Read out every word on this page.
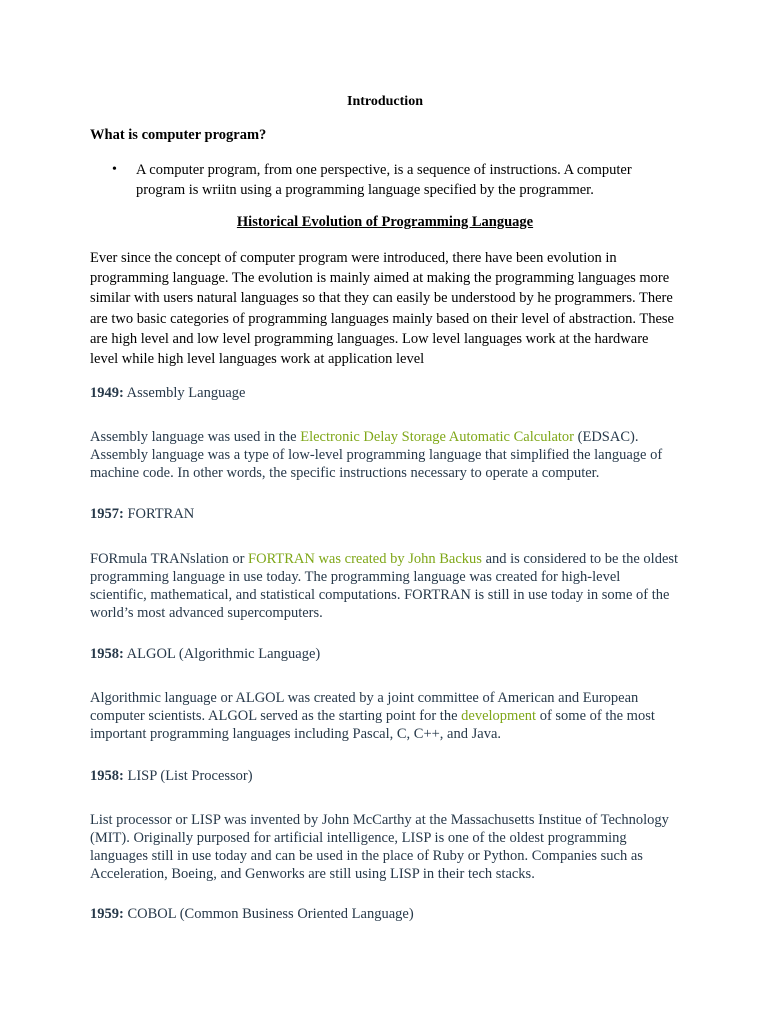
Introduction
What is computer program?
• A computer program, from one perspective, is a sequence of instructions. A computer program is wriitn using a programming language specified by the programmer.
Historical Evolution of Programming Language
Ever since the concept of computer program were introduced, there have been evolution in programming language. The evolution is mainly aimed at making the programming languages more similar with users natural languages so that they can easily be understood by he programmers. There are two basic categories of programming languages mainly based on their level of abstraction. These are high level and low level programming languages. Low level languages work at the hardware level while high level languages work at application level
1949: Assembly Language
Assembly language was used in the Electronic Delay Storage Automatic Calculator (EDSAC). Assembly language was a type of low-level programming language that simplified the language of machine code. In other words, the specific instructions necessary to operate a computer.
1957: FORTRAN
FORmula TRANslation or FORTRAN was created by John Backus and is considered to be the oldest programming language in use today. The programming language was created for high-level scientific, mathematical, and statistical computations. FORTRAN is still in use today in some of the world’s most advanced supercomputers.
1958: ALGOL (Algorithmic Language)
Algorithmic language or ALGOL was created by a joint committee of American and European computer scientists. ALGOL served as the starting point for the development of some of the most important programming languages including Pascal, C, C++, and Java.
1958: LISP (List Processor)
List processor or LISP was invented by John McCarthy at the Massachusetts Institue of Technology (MIT). Originally purposed for artificial intelligence, LISP is one of the oldest programming languages still in use today and can be used in the place of Ruby or Python. Companies such as Acceleration, Boeing, and Genworks are still using LISP in their tech stacks.
1959: COBOL (Common Business Oriented Language)
